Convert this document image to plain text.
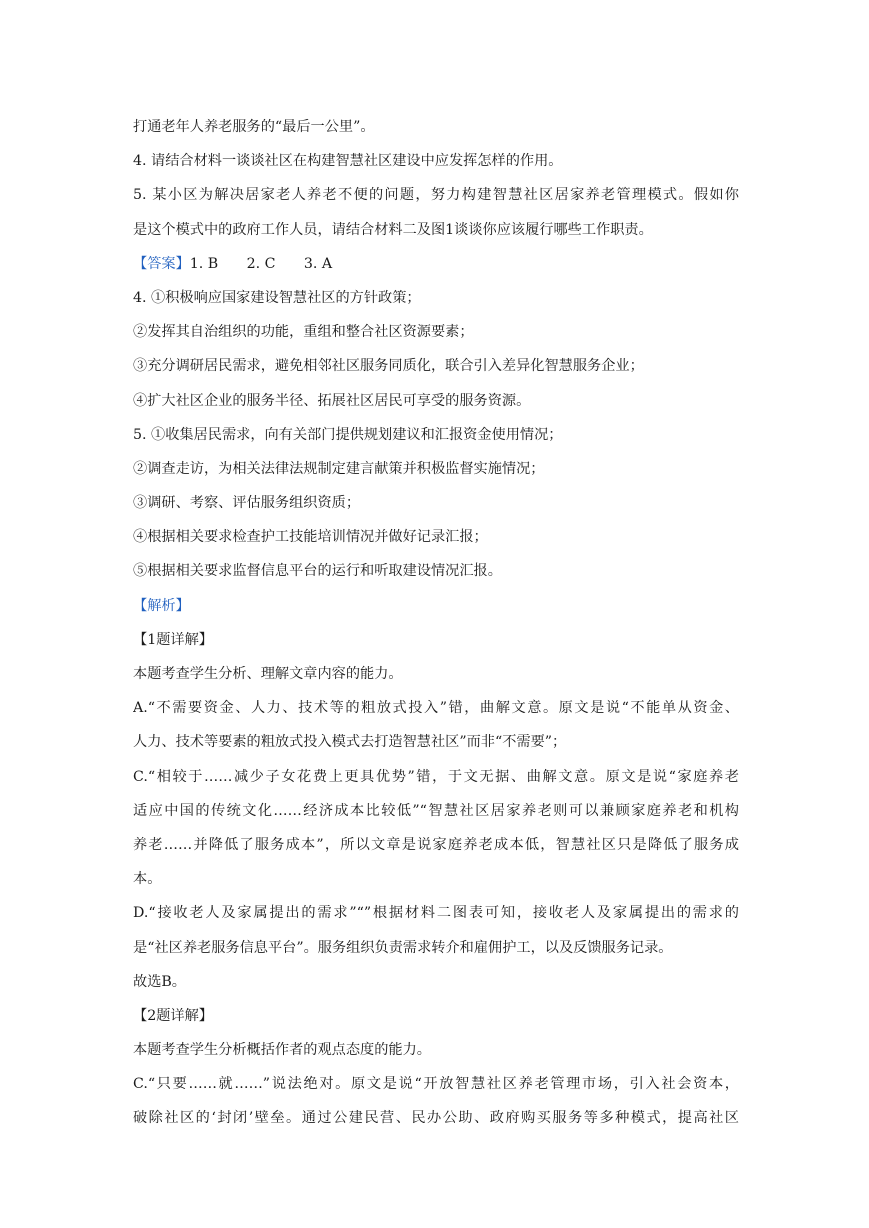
打通老年人养老服务的“最后一公里”。
4. 请结合材料一谈谈社区在构建智慧社区建设中应发挥怎样的作用。
5. 某小区为解决居家老人养老不便的问题，努力构建智慧社区居家养老管理模式。假如你
是这个模式中的政府工作人员，请结合材料二及图1谈谈你应该履行哪些工作职责。
【答案】1. B　　2. C　　3. A
4. ①积极响应国家建设智慧社区的方针政策；
②发挥其自治组织的功能，重组和整合社区资源要素；
③充分调研居民需求，避免相邻社区服务同质化，联合引入差异化智慧服务企业；
④扩大社区企业的服务半径、拓展社区居民可享受的服务资源。
5. ①收集居民需求，向有关部门提供规划建议和汇报资金使用情况；
②调查走访，为相关法律法规制定建言献策并积极监督实施情况；
③调研、考察、评估服务组织资质；
④根据相关要求检查护工技能培训情况并做好记录汇报；
⑤根据相关要求监督信息平台的运行和听取建设情况汇报。
【解析】
【1题详解】
本题考查学生分析、理解文章内容的能力。
A.“不需要资金、人力、技术等的粗放式投入”错，曲解文意。原文是说“不能单从资金、
人力、技术等要素的粗放式投入模式去打造智慧社区”而非“不需要”；
C.“相较于……减少子女花费上更具优势”错，于文无据、曲解文意。原文是说“家庭养老
适应中国的传统文化……经济成本比较低”“智慧社区居家养老则可以兼顾家庭养老和机构
养老……并降低了服务成本”，所以文章是说家庭养老成本低，智慧社区只是降低了服务成
本。
D.“接收老人及家属提出的需求”“”根据材料二图表可知，接收老人及家属提出的需求的
是“社区养老服务信息平台”。服务组织负责需求转介和雇佣护工，以及反馈服务记录。
故选B。
【2题详解】
本题考查学生分析概括作者的观点态度的能力。
C.“只要……就……”说法绝对。原文是说“开放智慧社区养老管理市场，引入社会资本，
破除社区的‘封闭’壁垒。通过公建民营、民办公助、政府购买服务等多种模式，提高社区
